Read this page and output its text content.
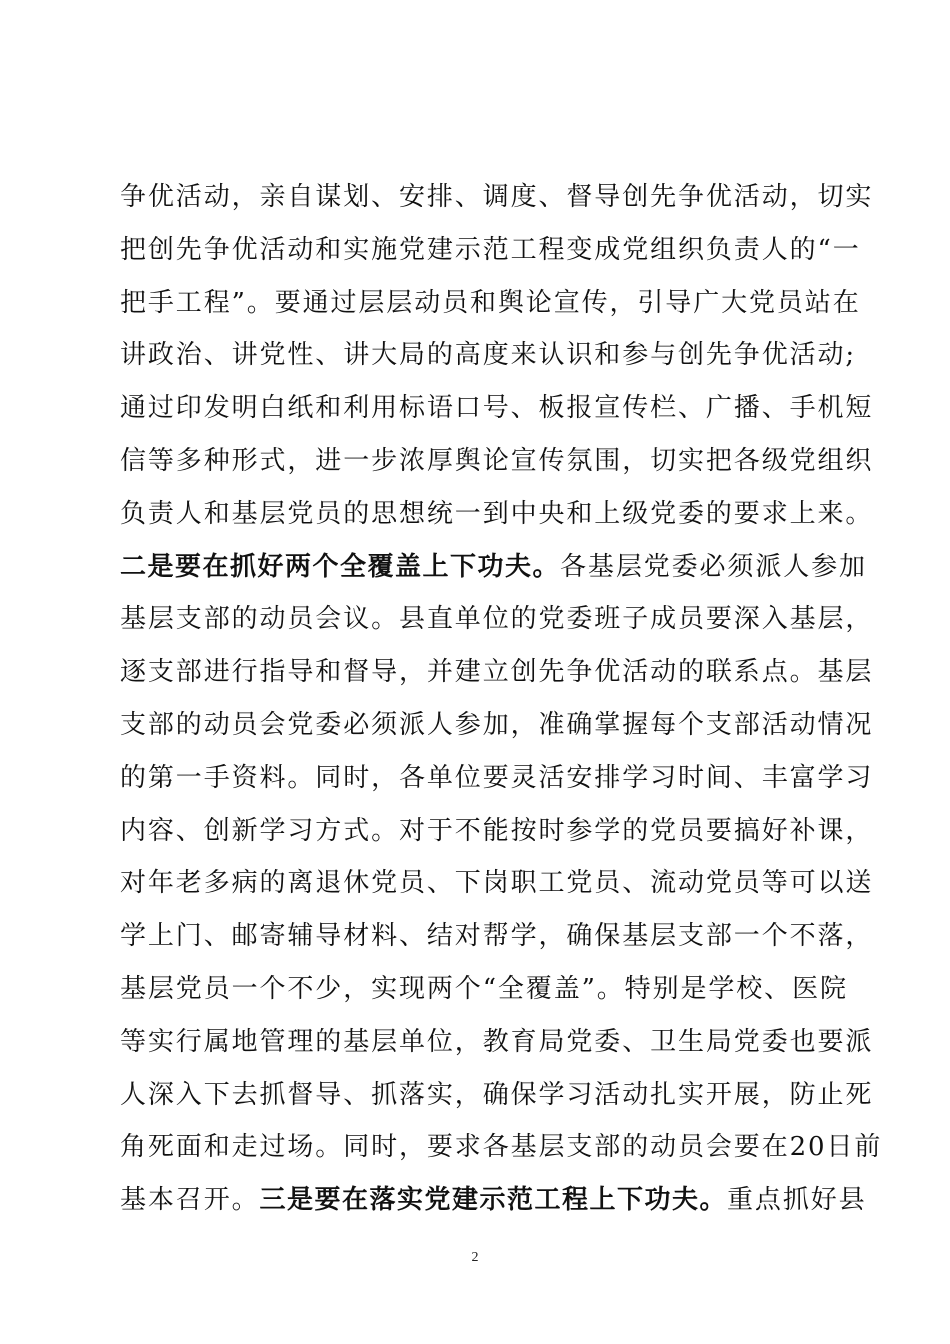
争优活动，亲自谋划、安排、调度、督导创先争优活动，切实
把创先争优活动和实施党建示范工程变成党组织负责人的“一
把手工程”。要通过层层动员和舆论宣传，引导广大党员站在
讲政治、讲党性、讲大局的高度来认识和参与创先争优活动;
通过印发明白纸和利用标语口号、板报宣传栏、广播、手机短
信等多种形式，进一步浓厚舆论宣传氛围，切实把各级党组织
负责人和基层党员的思想统一到中央和上级党委的要求上来。
二是要在抓好两个全覆盖上下功夫。各基层党委必须派人参加
基层支部的动员会议。县直单位的党委班子成员要深入基层，
逐支部进行指导和督导，并建立创先争优活动的联系点。基层
支部的动员会党委必须派人参加，准确掌握每个支部活动情况
的第一手资料。同时，各单位要灵活安排学习时间、丰富学习
内容、创新学习方式。对于不能按时参学的党员要搞好补课，
对年老多病的离退休党员、下岗职工党员、流动党员等可以送
学上门、邮寄辅导材料、结对帮学，确保基层支部一个不落，
基层党员一个不少，实现两个“全覆盖”。特别是学校、医院
等实行属地管理的基层单位，教育局党委、卫生局党委也要派
人深入下去抓督导、抓落实，确保学习活动扎实开展，防止死
角死面和走过场。同时，要求各基层支部的动员会要在20日前
基本召开。三是要在落实党建示范工程上下功夫。重点抓好县
2
